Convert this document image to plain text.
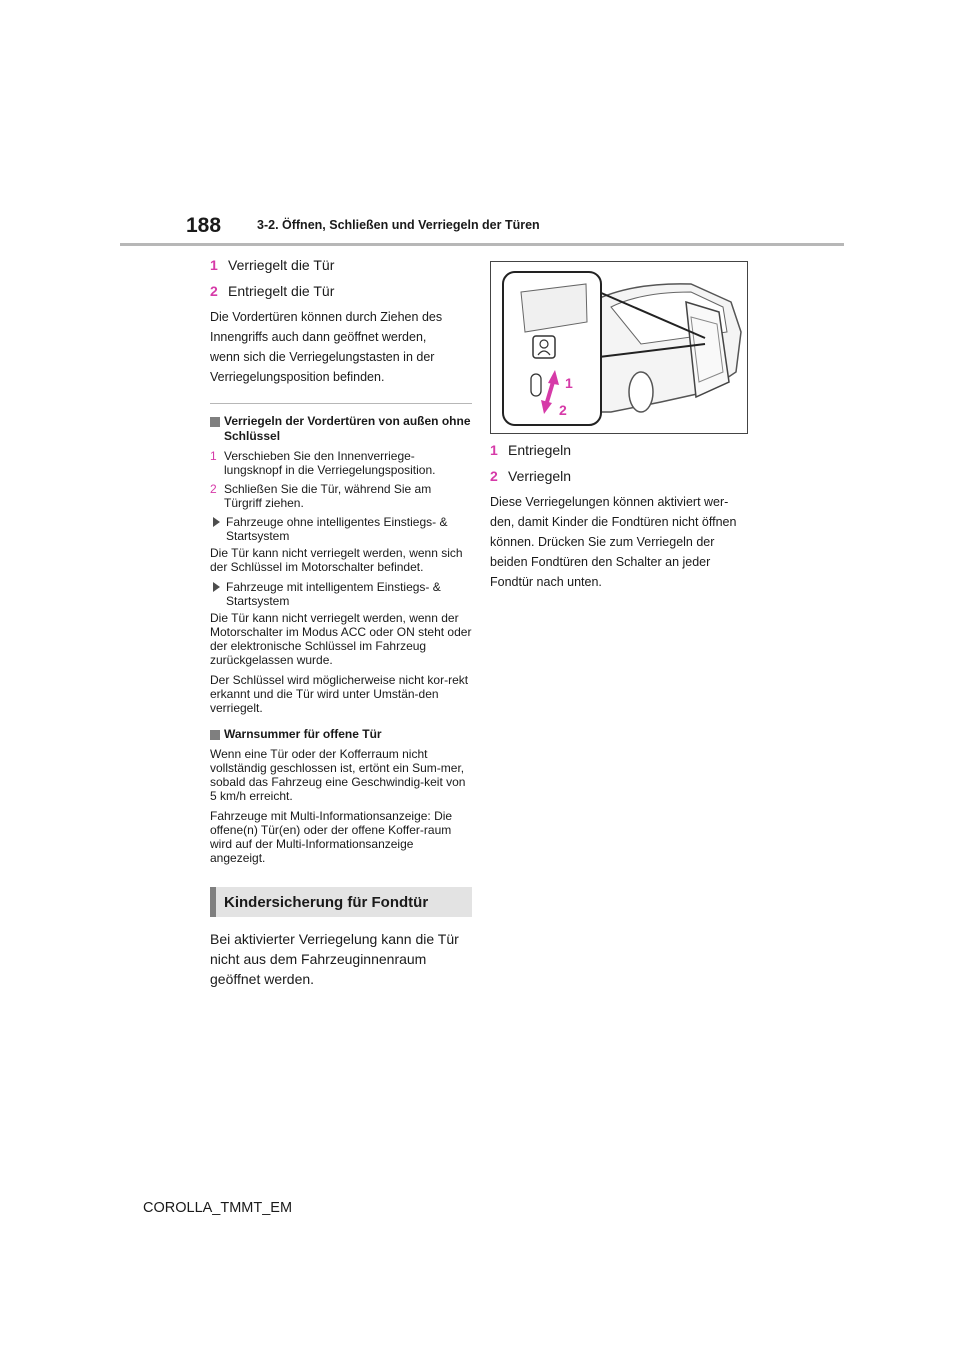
188	3-2. Öffnen, Schließen und Verriegeln der Türen
1 Verriegelt die Tür
2 Entriegelt die Tür
Die Vordertüren können durch Ziehen des
Innengriffs auch dann geöffnet werden,
wenn sich die Verriegelungstasten in der
Verriegelungsposition befinden.
Verriegeln der Vordertüren von außen ohne Schlüssel
1 Verschieben Sie den Innenverriege-lungsknopf in die Verriegelungsposition.
2 Schließen Sie die Tür, während Sie am Türgriff ziehen.
Fahrzeuge ohne intelligentes Einstiegs- & Startsystem
Die Tür kann nicht verriegelt werden, wenn sich der Schlüssel im Motorschalter befindet.
Fahrzeuge mit intelligentem Einstiegs- & Startsystem
Die Tür kann nicht verriegelt werden, wenn der Motorschalter im Modus ACC oder ON steht oder der elektronische Schlüssel im Fahrzeug zurückgelassen wurde.
Der Schlüssel wird möglicherweise nicht kor-rekt erkannt und die Tür wird unter Umstän-den verriegelt.
Warnsummer für offene Tür
Wenn eine Tür oder der Kofferraum nicht vollständig geschlossen ist, ertönt ein Sum-mer, sobald das Fahrzeug eine Geschwindig-keit von 5 km/h erreicht.
Fahrzeuge mit Multi-Informationsanzeige: Die offene(n) Tür(en) oder der offene Koffer-raum wird auf der Multi-Informationsanzeige angezeigt.
Kindersicherung für Fondtür
Bei aktivierter Verriegelung kann die Tür nicht aus dem Fahrzeuginnenraum geöffnet werden.
1
2
1 Entriegeln
2 Verriegeln
Diese Verriegelungen können aktiviert wer-
den, damit Kinder die Fondtüren nicht öffnen
können. Drücken Sie zum Verriegeln der
beiden Fondtüren den Schalter an jeder
Fondtür nach unten.
COROLLA_TMMT_EM
